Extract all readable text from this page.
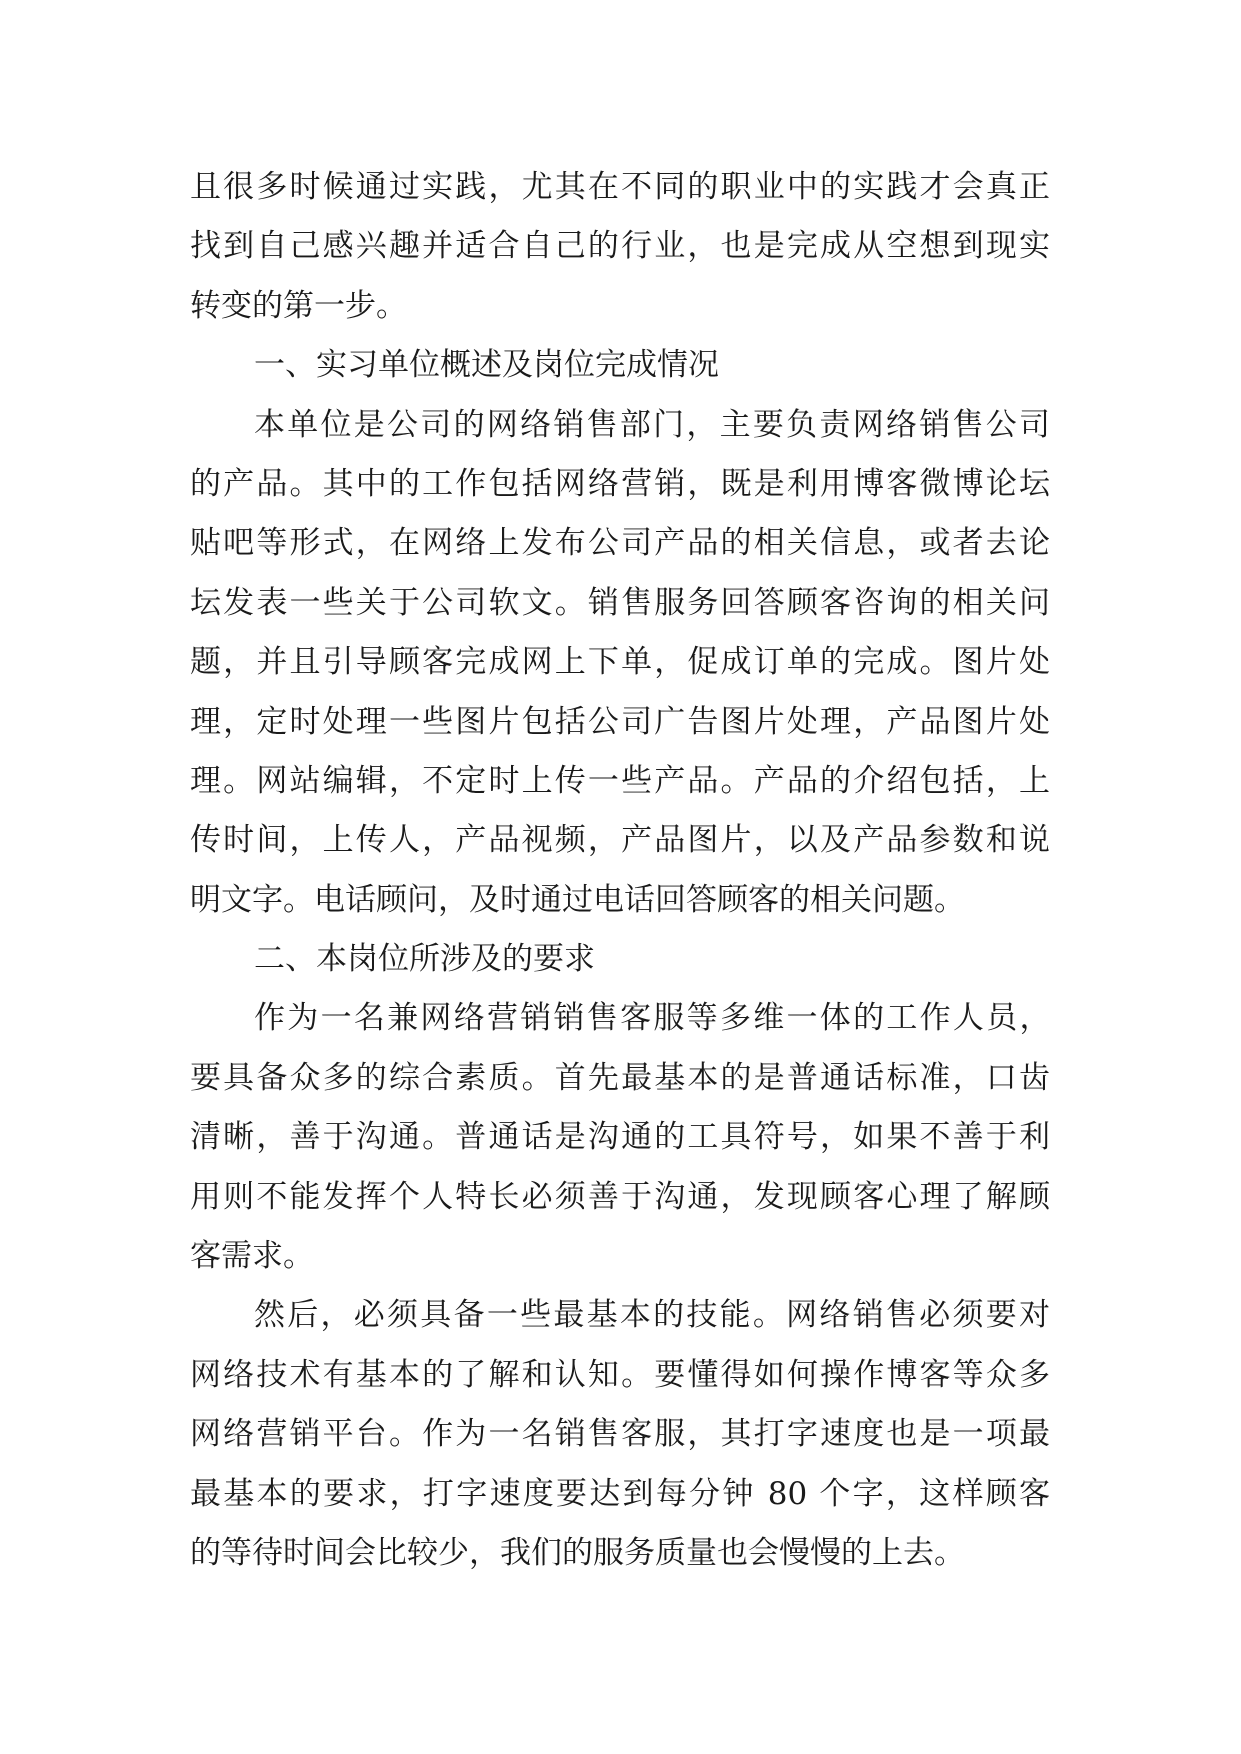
且很多时候通过实践，尤其在不同的职业中的实践才会真正
找到自己感兴趣并适合自己的行业，也是完成从空想到现实
转变的第一步。
一、实习单位概述及岗位完成情况
本单位是公司的网络销售部门，主要负责网络销售公司
的产品。其中的工作包括网络营销，既是利用博客微博论坛
贴吧等形式，在网络上发布公司产品的相关信息，或者去论
坛发表一些关于公司软文。销售服务回答顾客咨询的相关问
题，并且引导顾客完成网上下单，促成订单的完成。图片处
理，定时处理一些图片包括公司广告图片处理，产品图片处
理。网站编辑，不定时上传一些产品。产品的介绍包括，上
传时间，上传人，产品视频，产品图片，以及产品参数和说
明文字。电话顾问，及时通过电话回答顾客的相关问题。
二、本岗位所涉及的要求
作为一名兼网络营销销售客服等多维一体的工作人员，
要具备众多的综合素质。首先最基本的是普通话标准，口齿
清晰，善于沟通。普通话是沟通的工具符号，如果不善于利
用则不能发挥个人特长必须善于沟通，发现顾客心理了解顾
客需求。
然后，必须具备一些最基本的技能。网络销售必须要对
网络技术有基本的了解和认知。要懂得如何操作博客等众多
网络营销平台。作为一名销售客服，其打字速度也是一项最
最基本的要求，打字速度要达到每分钟 80 个字，这样顾客
的等待时间会比较少，我们的服务质量也会慢慢的上去。
